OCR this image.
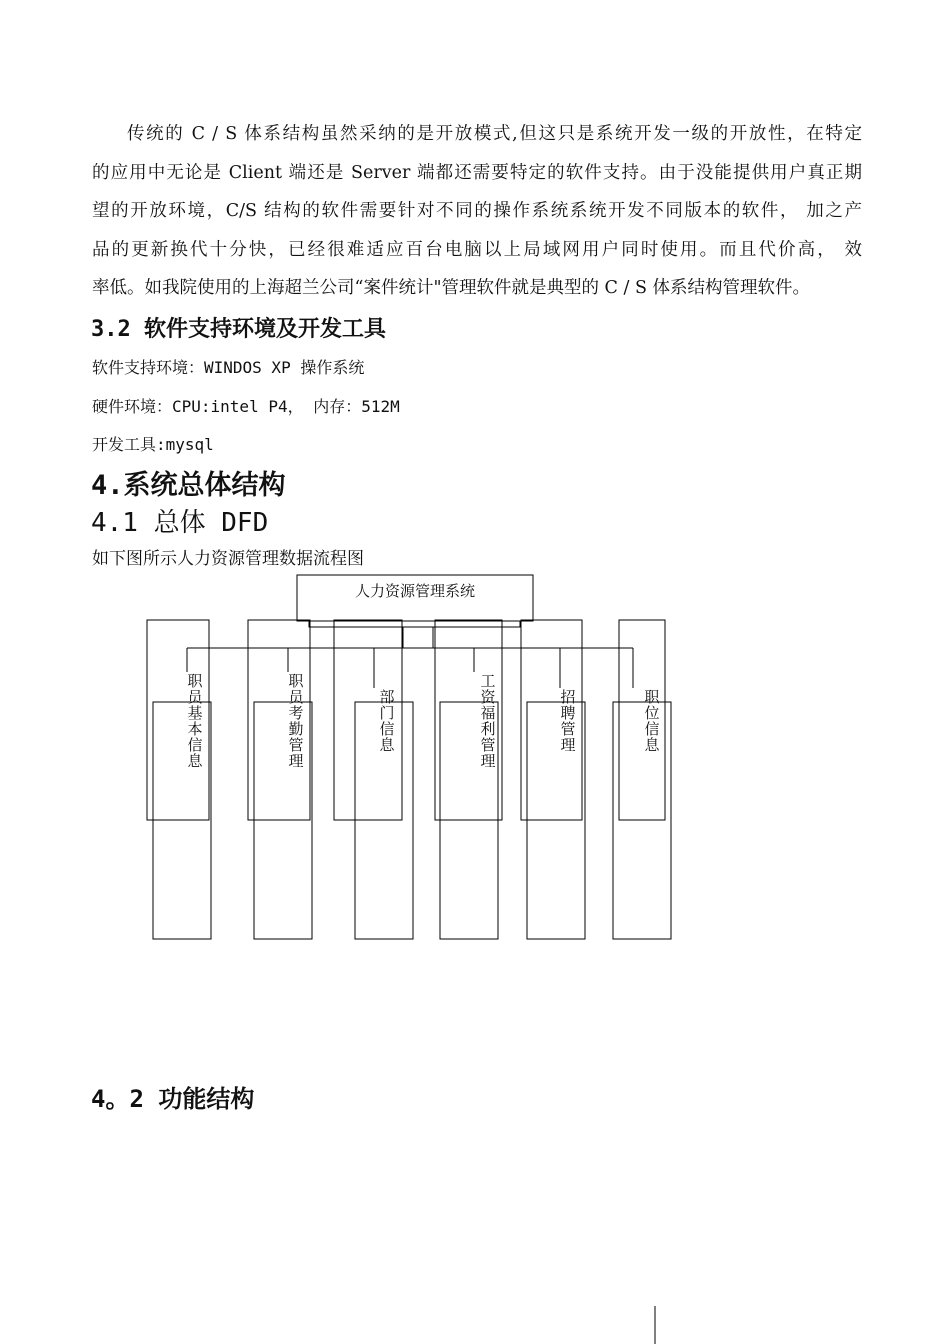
传统的 C / S 体系结构虽然采纳的是开放模式,但这只是系统开发一级的开放性，在特定
的应用中无论是 Client 端还是 Server 端都还需要特定的软件支持。由于没能提供用户真正期
望的开放环境，C/S 结构的软件需要针对不同的操作系统系统开发不同版本的软件， 加之产
品的更新换代十分快，已经很难适应百台电脑以上局域网用户同时使用。而且代价高， 效
率低。如我院使用的上海超兰公司“案件统计"管理软件就是典型的 C / S 体系结构管理软件。
3.2 软件支持环境及开发工具

软件支持环境：WINDOS XP 操作系统

硬件环境：CPU:intel P4， 内存：512M

开发工具:mysql

4.系统总体结构
4.1 总体 DFD

如下图所示人力资源管理数据流程图

人力资源管理系统
职员基本信息
职员考勤管理
部门信息
工资福利管理
招聘管理
职位信息
4。2 功能结构
